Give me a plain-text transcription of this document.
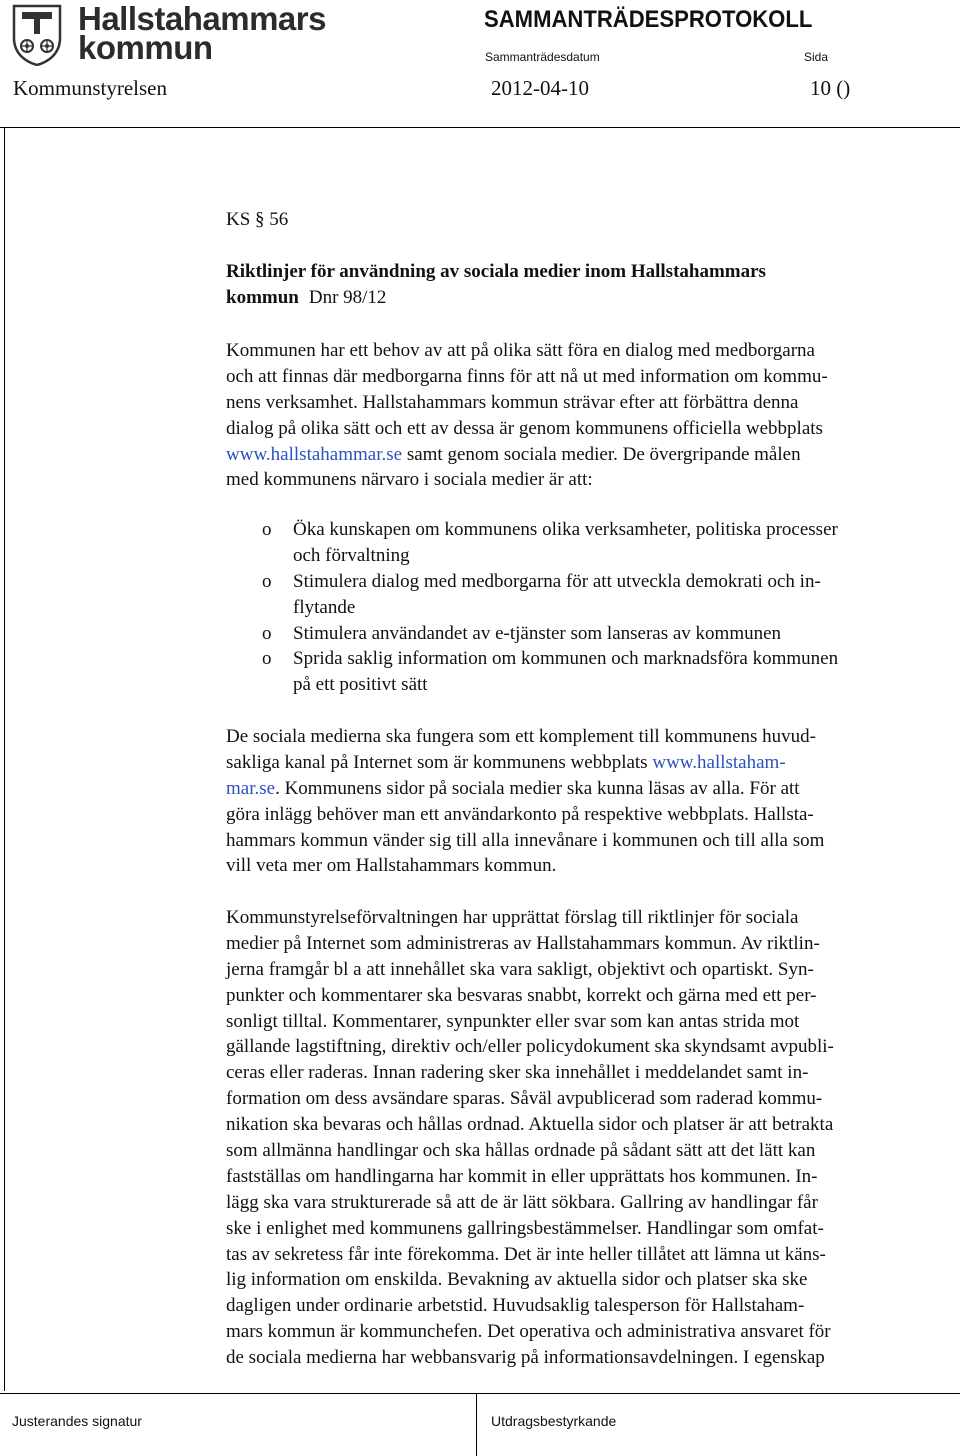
Hallstahammars
kommun
SAMMANTRÄDESPROTOKOLL
Sammanträdesdatum	Sida
Kommunstyrelsen	2012-04-10	10 ()
KS § 56
Riktlinjer för användning av sociala medier inom Hallstahammars
kommun Dnr 98/12
Kommunen har ett behov av att på olika sätt föra en dialog med medborgarna
och att finnas där medborgarna finns för att nå ut med information om kommu-
nens verksamhet. Hallstahammars kommun strävar efter att förbättra denna
dialog på olika sätt och ett av dessa är genom kommunens officiella webbplats
www.hallstahammar.se samt genom sociala medier. De övergripande målen
med kommunens närvaro i sociala medier är att:
o Öka kunskapen om kommunens olika verksamheter, politiska processer
och förvaltning
o Stimulera dialog med medborgarna för att utveckla demokrati och in-
flytande
o Stimulera användandet av e-tjänster som lanseras av kommunen
o Sprida saklig information om kommunen och marknadsföra kommunen
på ett positivt sätt
De sociala medierna ska fungera som ett komplement till kommunens huvud-
sakliga kanal på Internet som är kommunens webbplats www.hallstaham-
mar.se. Kommunens sidor på sociala medier ska kunna läsas av alla. För att
göra inlägg behöver man ett användarkonto på respektive webbplats. Hallsta-
hammars kommun vänder sig till alla innevånare i kommunen och till alla som
vill veta mer om Hallstahammars kommun.
Kommunstyrelseförvaltningen har upprättat förslag till riktlinjer för sociala
medier på Internet som administreras av Hallstahammars kommun. Av riktlin-
jerna framgår bl a att innehållet ska vara sakligt, objektivt och opartiskt. Syn-
punkter och kommentarer ska besvaras snabbt, korrekt och gärna med ett per-
sonligt tilltal. Kommentarer, synpunkter eller svar som kan antas strida mot
gällande lagstiftning, direktiv och/eller policydokument ska skyndsamt avpubli-
ceras eller raderas. Innan radering sker ska innehållet i meddelandet samt in-
formation om dess avsändare sparas. Såväl avpublicerad som raderad kommu-
nikation ska bevaras och hållas ordnad. Aktuella sidor och platser är att betrakta
som allmänna handlingar och ska hållas ordnade på sådant sätt att det lätt kan
fastställas om handlingarna har kommit in eller upprättats hos kommunen. In-
lägg ska vara strukturerade så att de är lätt sökbara. Gallring av handlingar får
ske i enlighet med kommunens gallringsbestämmelser. Handlingar som omfat-
tas av sekretess får inte förekomma. Det är inte heller tillåtet att lämna ut käns-
lig information om enskilda. Bevakning av aktuella sidor och platser ska ske
dagligen under ordinarie arbetstid. Huvudsaklig talesperson för Hallstaham-
mars kommun är kommunchefen. Det operativa och administrativa ansvaret för
de sociala medierna har webbansvarig på informationsavdelningen. I egenskap
Justerandes signatur	Utdragsbestyrkande
